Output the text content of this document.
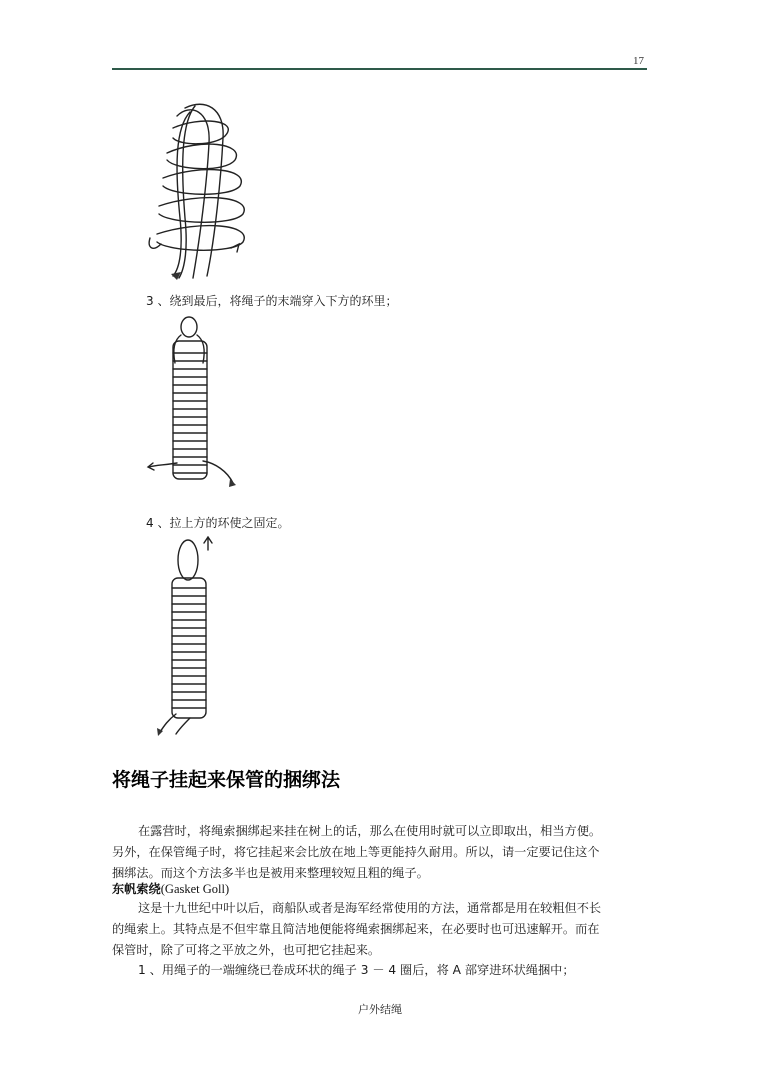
17
3 、绕到最后，将绳子的末端穿入下方的环里；
4 、拉上方的环使之固定。
将绳子挂起来保管的捆绑法
在露营时，将绳索捆绑起来挂在树上的话，那么在使用时就可以立即取出，相当方便。
另外，在保管绳子时，将它挂起来会比放在地上等更能持久耐用。所以，请一定要记住这个
捆绑法。而这个方法多半也是被用来整理较短且粗的绳子。
东帆索绕(Gasket Goll)
这是十九世纪中叶以后，商船队或者是海军经常使用的方法，通常都是用在较粗但不长
的绳索上。其特点是不但牢靠且简洁地便能将绳索捆绑起来，在必要时也可迅速解开。而在
保管时，除了可将之平放之外，也可把它挂起来。
1 、用绳子的一端缠绕已卷成环状的绳子 3 － 4 圈后，将 A 部穿进环状绳捆中；
户外结绳
